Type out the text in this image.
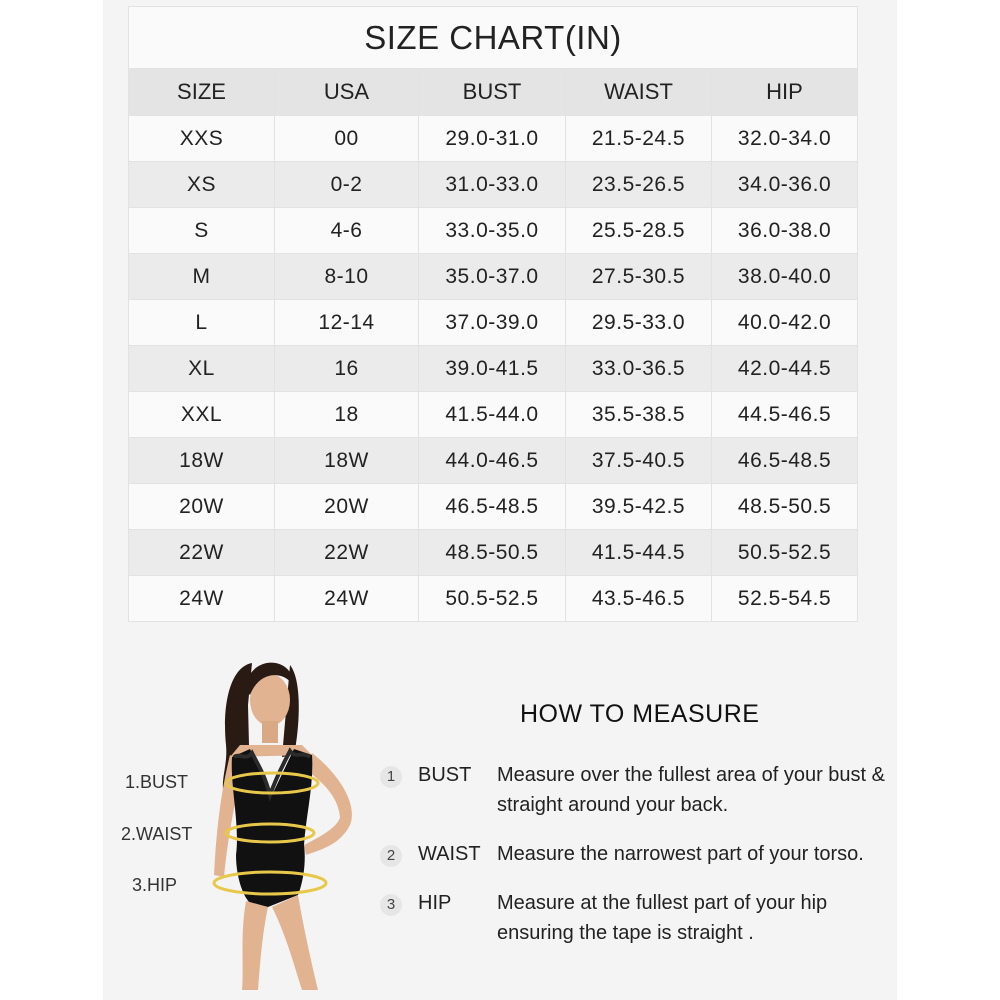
SIZE CHART(IN)				
SIZE	USA	BUST	WAIST	HIP
XXS	00	29.0-31.0	21.5-24.5	32.0-34.0
XS	0-2	31.0-33.0	23.5-26.5	34.0-36.0
S	4-6	33.0-35.0	25.5-28.5	36.0-38.0
M	8-10	35.0-37.0	27.5-30.5	38.0-40.0
L	12-14	37.0-39.0	29.5-33.0	40.0-42.0
XL	16	39.0-41.5	33.0-36.5	42.0-44.5
XXL	18	41.5-44.0	35.5-38.5	44.5-46.5
18W	18W	44.0-46.5	37.5-40.5	46.5-48.5
20W	20W	46.5-48.5	39.5-42.5	48.5-50.5
22W	22W	48.5-50.5	41.5-44.5	50.5-52.5
24W	24W	50.5-52.5	43.5-46.5	52.5-54.5
1.BUST
2.WAIST
3.HIP
HOW TO MEASURE
1	BUST Measure over the fullest area of your bust & straight around your back.
2	WAIST Measure the narrowest part of your torso.
3	HIP Measure at the fullest part of your hip ensuring the tape is straight .
